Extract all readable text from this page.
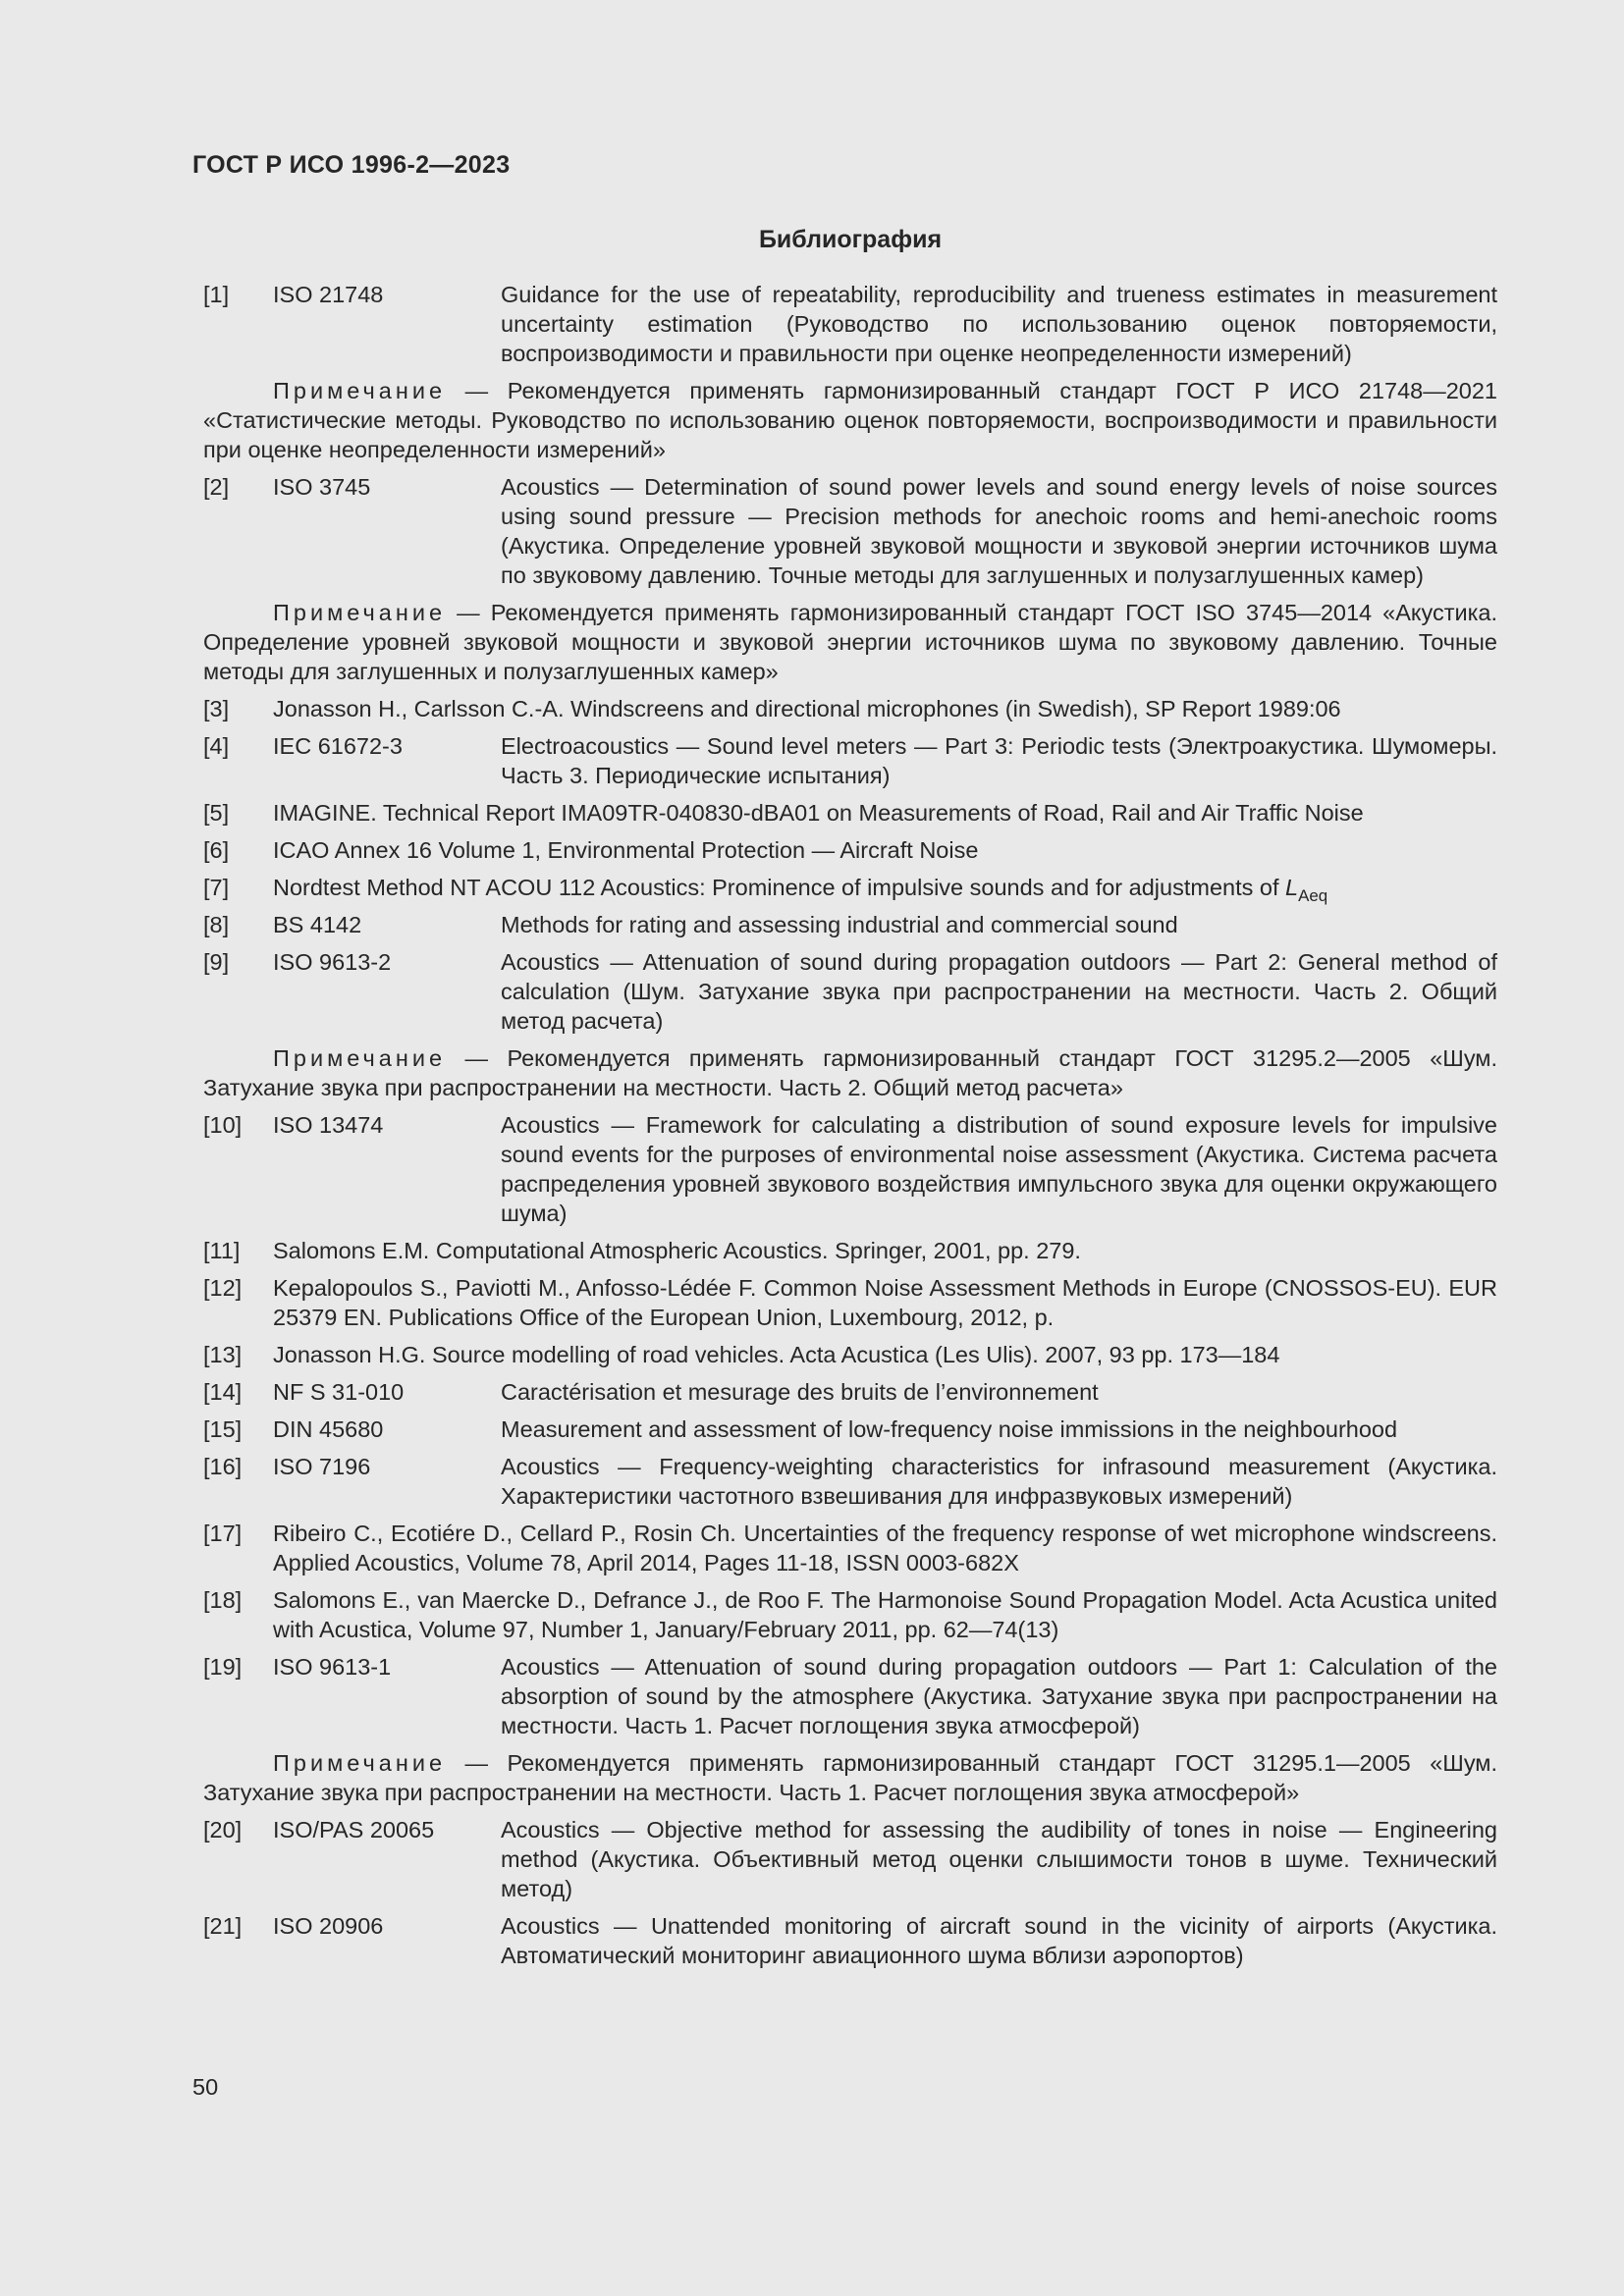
ГОСТ Р ИСО 1996-2—2023
Библиография
[1]	ISO 21748	Guidance for the use of repeatability, reproducibility and trueness estimates in measurement uncertainty estimation (Руководство по использованию оценок повторяемости, воспроизводимости и правильности при оценке неопределенности измерений)
Примечание — Рекомендуется применять гармонизированный стандарт ГОСТ Р ИСО 21748—2021 «Статистические методы. Руководство по использованию оценок повторяемости, воспроизводимости и правильности при оценке неопределенности измерений»
[2]	ISO 3745	Acoustics — Determination of sound power levels and sound energy levels of noise sources using sound pressure — Precision methods for anechoic rooms and hemi-anechoic rooms (Акустика. Определение уровней звуковой мощности и звуковой энергии источников шума по звуковому давлению. Точные методы для заглушенных и полузаглушенных камер)
Примечание — Рекомендуется применять гармонизированный стандарт ГОСТ ISO 3745—2014 «Акустика. Определение уровней звуковой мощности и звуковой энергии источников шума по звуковому давлению. Точные методы для заглушенных и полузаглушенных камер»
[3]	Jonasson H., Carlsson C.-A. Windscreens and directional microphones (in Swedish), SP Report 1989:06
[4]	IEC 61672-3	Electroacoustics — Sound level meters — Part 3: Periodic tests (Электроакустика. Шумомеры. Часть 3. Периодические испытания)
[5]	IMAGINE. Technical Report IMA09TR-040830-dBA01 on Measurements of Road, Rail and Air Traffic Noise
[6]	ICAO Annex 16 Volume 1, Environmental Protection — Aircraft Noise
[7]	Nordtest Method NT ACOU 112 Acoustics: Prominence of impulsive sounds and for adjustments of $L_{Aeq}$
[8]	BS 4142	Methods for rating and assessing industrial and commercial sound
[9]	ISO 9613-2	Acoustics — Attenuation of sound during propagation outdoors — Part 2: General method of calculation (Шум. Затухание звука при распространении на местности. Часть 2. Общий метод расчета)
Примечание — Рекомендуется применять гармонизированный стандарт ГОСТ 31295.2—2005 «Шум. Затухание звука при распространении на местности. Часть 2. Общий метод расчета»
[10]	ISO 13474	Acoustics — Framework for calculating a distribution of sound exposure levels for impulsive sound events for the purposes of environmental noise assessment (Акустика. Система расчета распределения уровней звукового воздействия импульсного звука для оценки окружающего шума)
[11]	Salomons E.M. Computational Atmospheric Acoustics. Springer, 2001, pp. 279.
[12]	Kepalopoulos S., Paviotti M., Anfosso-Lédée F. Common Noise Assessment Methods in Europe (CNOSSOS-EU). EUR 25379 EN. Publications Office of the European Union, Luxembourg, 2012, p.
[13]	Jonasson H.G. Source modelling of road vehicles. Acta Acustica (Les Ulis). 2007, 93 pp. 173—184
[14]	NF S 31-010	Caractérisation et mesurage des bruits de l’environnement
[15]	DIN 45680	Measurement and assessment of low-frequency noise immissions in the neighbourhood
[16]	ISO 7196	Acoustics — Frequency-weighting characteristics for infrasound measurement (Акустика. Характеристики частотного взвешивания для инфразвуковых измерений)
[17]	Ribeiro C., Ecotiére D., Cellard P., Rosin Ch. Uncertainties of the frequency response of wet microphone windscreens. Applied Acoustics, Volume 78, April 2014, Pages 11-18, ISSN 0003-682X
[18]	Salomons E., van Maercke D., Defrance J., de Roo F. The Harmonoise Sound Propagation Model. Acta Acustica united with Acustica, Volume 97, Number 1, January/February 2011, pp. 62—74(13)
[19]	ISO 9613-1	Acoustics — Attenuation of sound during propagation outdoors — Part 1: Calculation of the absorption of sound by the atmosphere (Акустика. Затухание звука при распространении на местности. Часть 1. Расчет поглощения звука атмосферой)
Примечание — Рекомендуется применять гармонизированный стандарт ГОСТ 31295.1—2005 «Шум. Затухание звука при распространении на местности. Часть 1. Расчет поглощения звука атмосферой»
[20]	ISO/PAS 20065	Acoustics — Objective method for assessing the audibility of tones in noise — Engineering method (Акустика. Объективный метод оценки слышимости тонов в шуме. Технический метод)
[21]	ISO 20906	Acoustics — Unattended monitoring of aircraft sound in the vicinity of airports (Акустика. Автоматический мониторинг авиационного шума вблизи аэропортов)
50
